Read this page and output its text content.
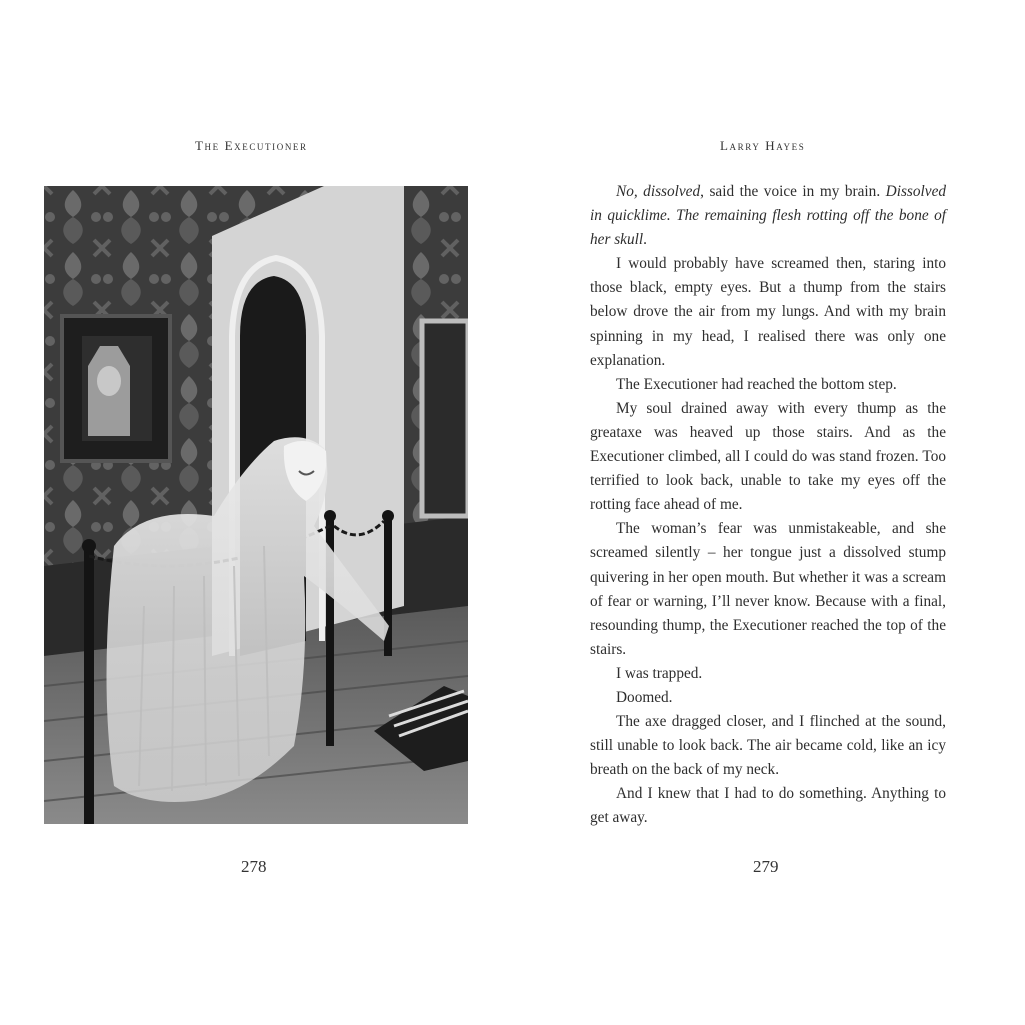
The Executioner
278
Larry Hayes

No, dissolved, said the voice in my brain. Dissolved in quicklime. The remaining flesh rotting off the bone of her skull.

I would probably have screamed then, staring into those black, empty eyes. But a thump from the stairs below drove the air from my lungs. And with my brain spinning in my head, I realised there was only one explanation.

The Executioner had reached the bottom step.

My soul drained away with every thump as the greataxe was heaved up those stairs. And as the Executioner climbed, all I could do was stand frozen. Too terrified to look back, unable to take my eyes off the rotting face ahead of me.

The woman’s fear was unmistakeable, and she screamed silently – her tongue just a dissolved stump quivering in her open mouth. But whether it was a scream of fear or warning, I’ll never know. Because with a final, resounding thump, the Executioner reached the top of the stairs.

I was trapped.

Doomed.

The axe dragged closer, and I flinched at the sound, still unable to look back. The air became cold, like an icy breath on the back of my neck.

And I knew that I had to do something. Anything to get away.

279
